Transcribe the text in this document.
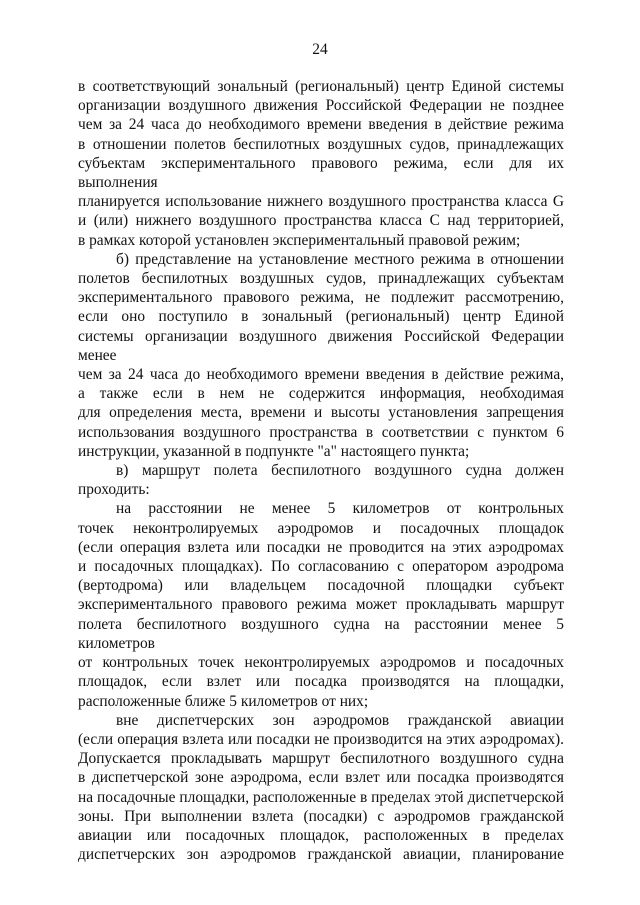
24

в соответствующий зональный (региональный) центр Единой системы

организации воздушного движения Российской Федерации не позднее

чем за 24 часа до необходимого времени введения в действие режима

в отношении полетов беспилотных воздушных судов, принадлежащих

субъектам экспериментального правового режима, если для их выполнения

планируется использование нижнего воздушного пространства класса G

и (или) нижнего воздушного пространства класса C над территорией,

в рамках которой установлен экспериментальный правовой режим;

б) представление на установление местного режима в отношении

полетов беспилотных воздушных судов, принадлежащих субъектам

экспериментального правового режима, не подлежит рассмотрению,

если оно поступило в зональный (региональный) центр Единой

системы организации воздушного движения Российской Федерации менее

чем за 24 часа до необходимого времени введения в действие режима,

а также если в нем не содержится информация, необходимая

для определения места, времени и высоты установления запрещения

использования воздушного пространства в соответствии с пунктом 6

инструкции, указанной в подпункте "а" настоящего пункта;

в) маршрут полета беспилотного воздушного судна должен

проходить:

на расстоянии не менее 5 километров от контрольных

точек неконтролируемых аэродромов и посадочных площадок

(если операция взлета или посадки не проводится на этих аэродромах

и посадочных площадках). По согласованию с оператором аэродрома

(вертодрома) или владельцем посадочной площадки субъект

экспериментального правового режима может прокладывать маршрут

полета беспилотного воздушного судна на расстоянии менее 5 километров

от контрольных точек неконтролируемых аэродромов и посадочных

площадок, если взлет или посадка производятся на площадки,

расположенные ближе 5 километров от них;

вне диспетчерских зон аэродромов гражданской авиации

(если операция взлета или посадки не производится на этих аэродромах).

Допускается прокладывать маршрут беспилотного воздушного судна

в диспетчерской зоне аэродрома, если взлет или посадка производятся

на посадочные площадки, расположенные в пределах этой диспетчерской

зоны. При выполнении взлета (посадки) с аэродромов гражданской

авиации или посадочных площадок, расположенных в пределах

диспетчерских зон аэродромов гражданской авиации, планирование
